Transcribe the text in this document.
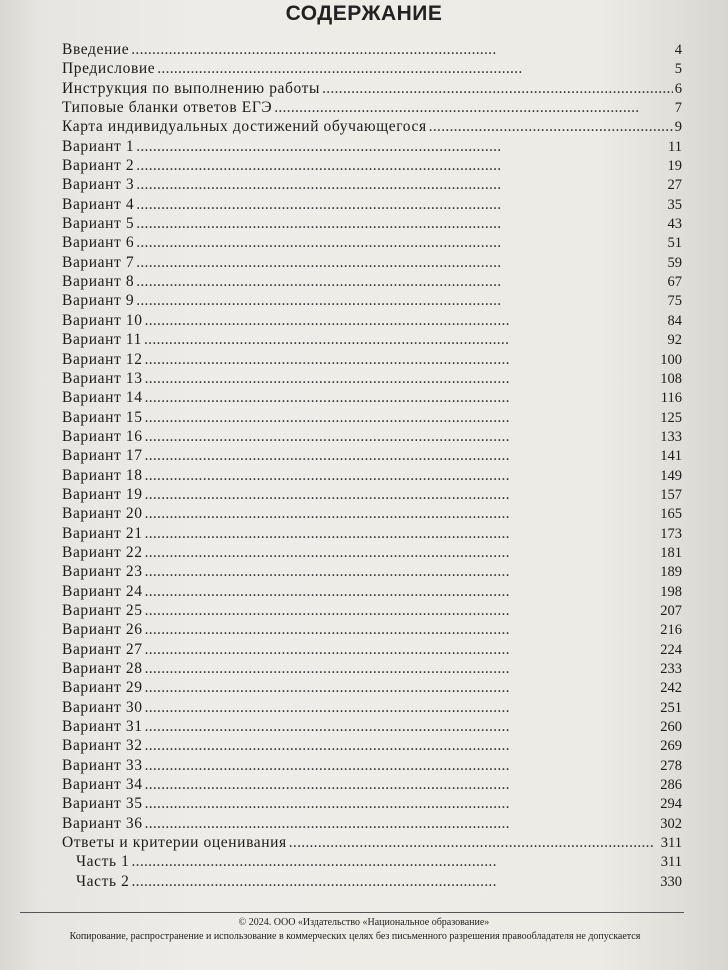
СОДЕРЖАНИЕ
Введение . . .	4
Предисловие . . .	5
Инструкция по выполнению работы . . .	6
Типовые бланки ответов ЕГЭ . . .	7
Карта индивидуальных достижений обучающегося . . .	9
Вариант 1 . . .	11
Вариант 2 . . .	19
Вариант 3 . . .	27
Вариант 4 . . .	35
Вариант 5 . . .	43
Вариант 6 . . .	51
Вариант 7 . . .	59
Вариант 8 . . .	67
Вариант 9 . . .	75
Вариант 10 . . .	84
Вариант 11 . . .	92
Вариант 12 . . .	100
Вариант 13 . . .	108
Вариант 14 . . .	116
Вариант 15 . . .	125
Вариант 16 . . .	133
Вариант 17 . . .	141
Вариант 18 . . .	149
Вариант 19 . . .	157
Вариант 20 . . .	165
Вариант 21 . . .	173
Вариант 22 . . .	181
Вариант 23 . . .	189
Вариант 24 . . .	198
Вариант 25 . . .	207
Вариант 26 . . .	216
Вариант 27 . . .	224
Вариант 28 . . .	233
Вариант 29 . . .	242
Вариант 30 . . .	251
Вариант 31 . . .	260
Вариант 32 . . .	269
Вариант 33 . . .	278
Вариант 34 . . .	286
Вариант 35 . . .	294
Вариант 36 . . .	302
Ответы и критерии оценивания . . .	311
Часть 1 . . .	311
Часть 2 . . .	330
© 2024. ООО «Издательство «Национальное образование»
Копирование, распространение и использование в коммерческих целях без письменного разрешения правообладателя не допускается
